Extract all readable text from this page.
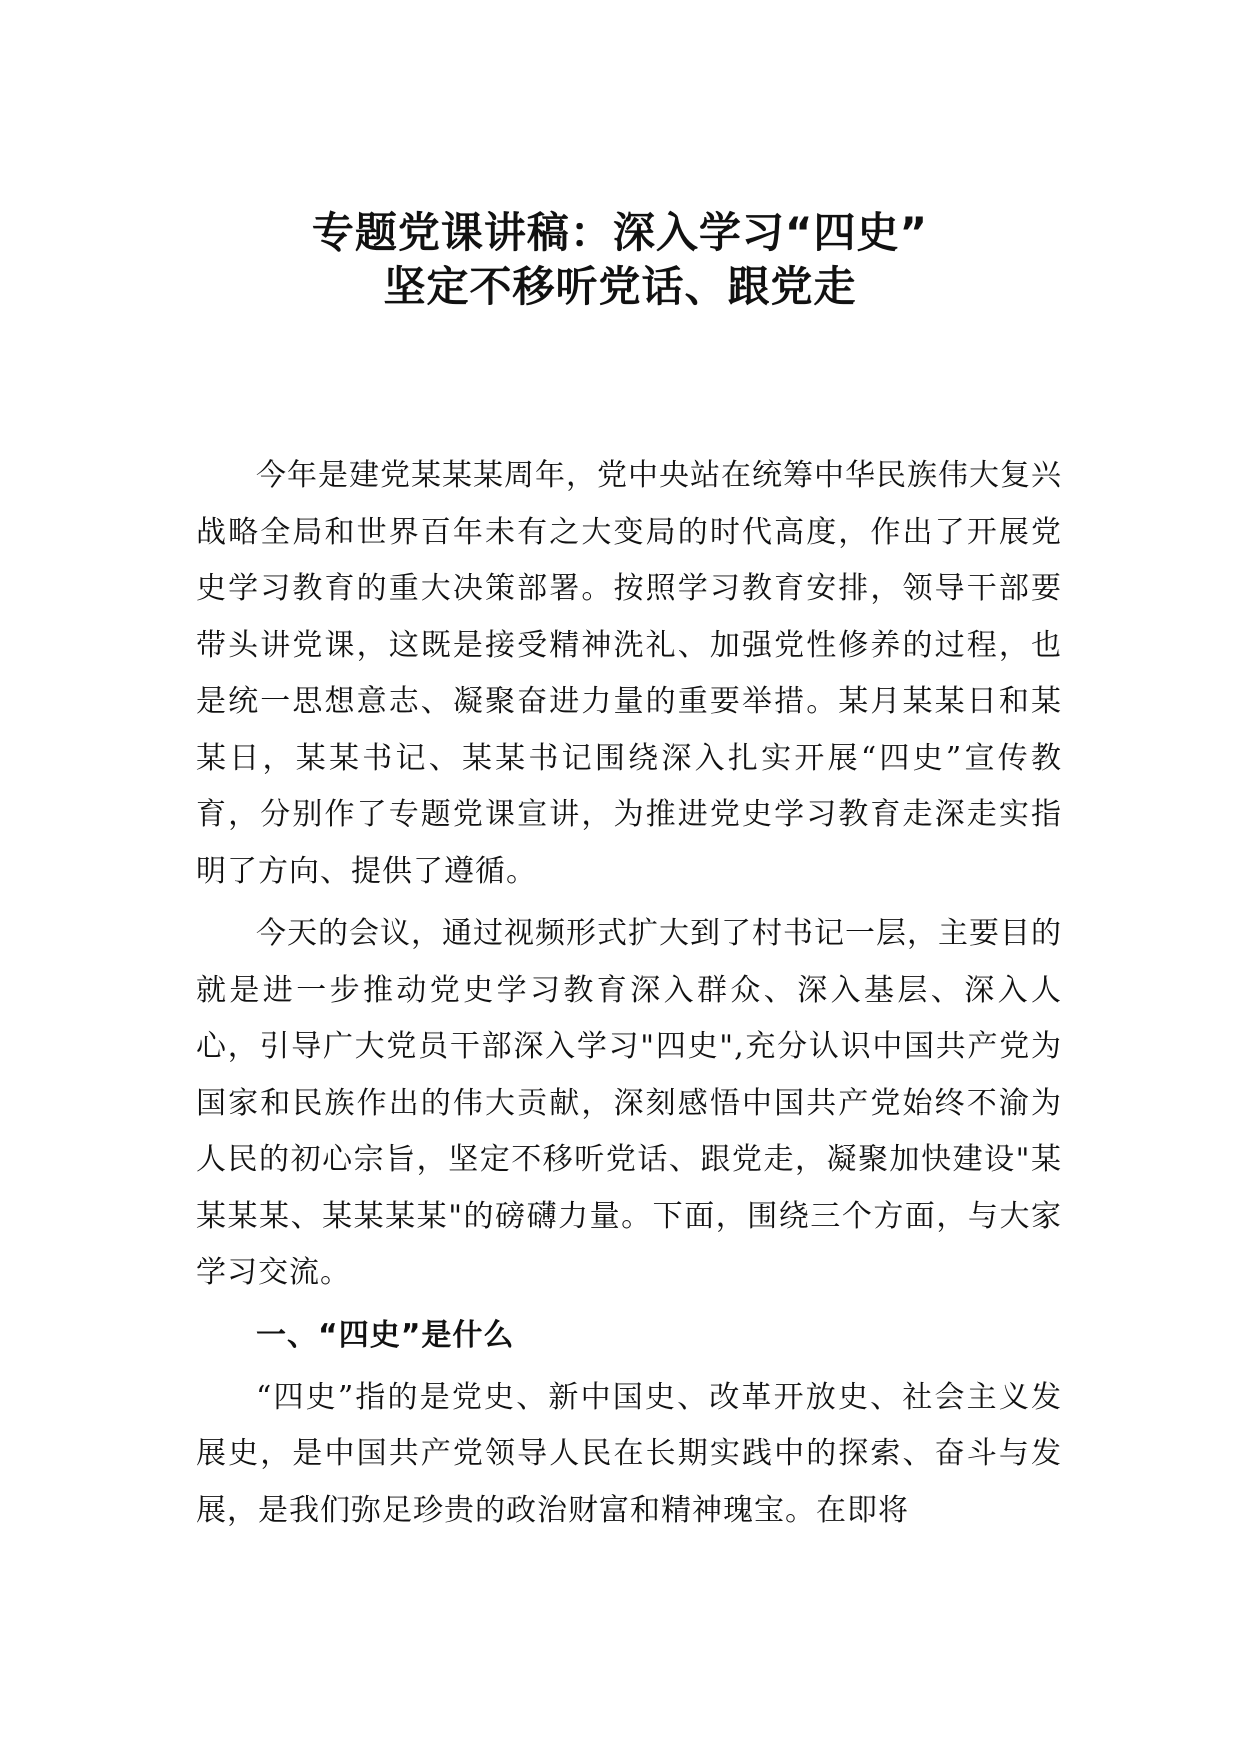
专题党课讲稿：深入学习“四史”
坚定不移听党话、跟党走

今年是建党某某某周年，党中央站在统筹中华民族伟大复兴战略全局和世界百年未有之大变局的时代高度，作出了开展党史学习教育的重大决策部署。按照学习教育安排，领导干部要带头讲党课，这既是接受精神洗礼、加强党性修养的过程，也是统一思想意志、凝聚奋进力量的重要举措。某月某某日和某某日，某某书记、某某书记围绕深入扎实开展“四史”宣传教育，分别作了专题党课宣讲，为推进党史学习教育走深走实指明了方向、提供了遵循。

今天的会议，通过视频形式扩大到了村书记一层，主要目的就是进一步推动党史学习教育深入群众、深入基层、深入人心，引导广大党员干部深入学习"四史",充分认识中国共产党为国家和民族作出的伟大贡献，深刻感悟中国共产党始终不渝为人民的初心宗旨，坚定不移听党话、跟党走，凝聚加快建设"某某某某、某某某某"的磅礴力量。下面，围绕三个方面，与大家学习交流。

一、“四史”是什么

“四史”指的是党史、新中国史、改革开放史、社会主义发展史，是中国共产党领导人民在长期实践中的探索、奋斗与发展，是我们弥足珍贵的政治财富和精神瑰宝。在即将
